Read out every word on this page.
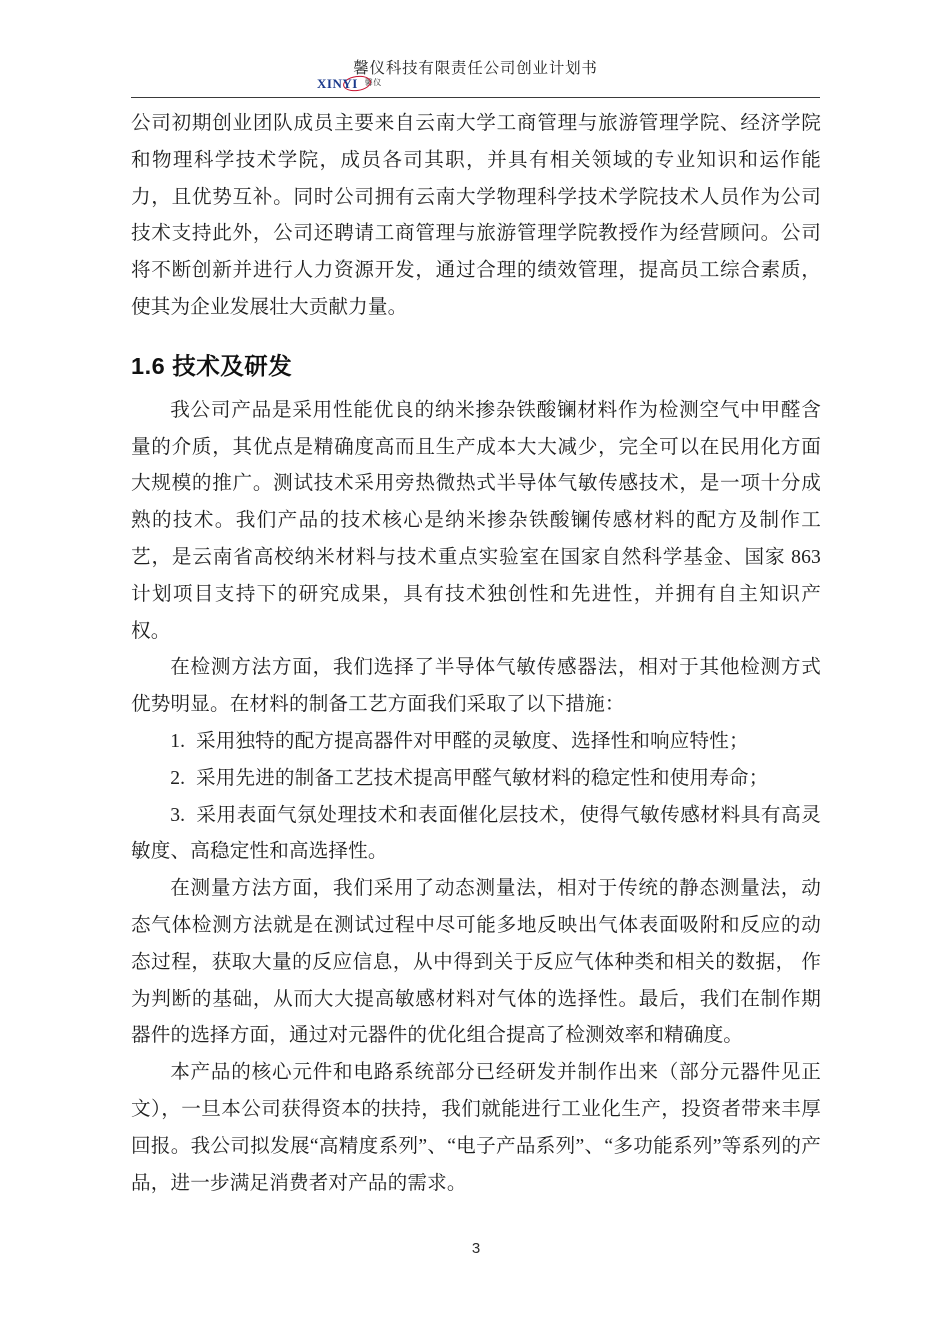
馨仪科技有限责任公司创业计划书
XINYI 馨仪

公司初期创业团队成员主要来自云南大学工商管理与旅游管理学院、经济学院和物理科学技术学院，成员各司其职，并具有相关领域的专业知识和运作能力，且优势互补。同时公司拥有云南大学物理科学技术学院技术人员作为公司技术支持此外，公司还聘请工商管理与旅游管理学院教授作为经营顾问。公司将不断创新并进行人力资源开发，通过合理的绩效管理，提高员工综合素质，使其为企业发展壮大贡献力量。

1.6 技术及研发

我公司产品是采用性能优良的纳米掺杂铁酸镧材料作为检测空气中甲醛含量的介质，其优点是精确度高而且生产成本大大减少，完全可以在民用化方面大规模的推广。测试技术采用旁热微热式半导体气敏传感技术，是一项十分成熟的技术。我们产品的技术核心是纳米掺杂铁酸镧传感材料的配方及制作工艺，是云南省高校纳米材料与技术重点实验室在国家自然科学基金、国家 863 计划项目支持下的研究成果，具有技术独创性和先进性，并拥有自主知识产权。

在检测方法方面，我们选择了半导体气敏传感器法，相对于其他检测方式优势明显。在材料的制备工艺方面我们采取了以下措施：

1. 采用独特的配方提高器件对甲醛的灵敏度、选择性和响应特性；
2. 采用先进的制备工艺技术提高甲醛气敏材料的稳定性和使用寿命；
3. 采用表面气氛处理技术和表面催化层技术，使得气敏传感材料具有高灵敏度、高稳定性和高选择性。

在测量方法方面，我们采用了动态测量法，相对于传统的静态测量法，动态气体检测方法就是在测试过程中尽可能多地反映出气体表面吸附和反应的动态过程，获取大量的反应信息，从中得到关于反应气体种类和相关的数据， 作为判断的基础，从而大大提高敏感材料对气体的选择性。最后，我们在制作期器件的选择方面，通过对元器件的优化组合提高了检测效率和精确度。

本产品的核心元件和电路系统部分已经研发并制作出来（部分元器件见正文），一旦本公司获得资本的扶持，我们就能进行工业化生产，投资者带来丰厚回报。我公司拟发展“高精度系列”、“电子产品系列”、“多功能系列”等系列的产品，进一步满足消费者对产品的需求。

3
